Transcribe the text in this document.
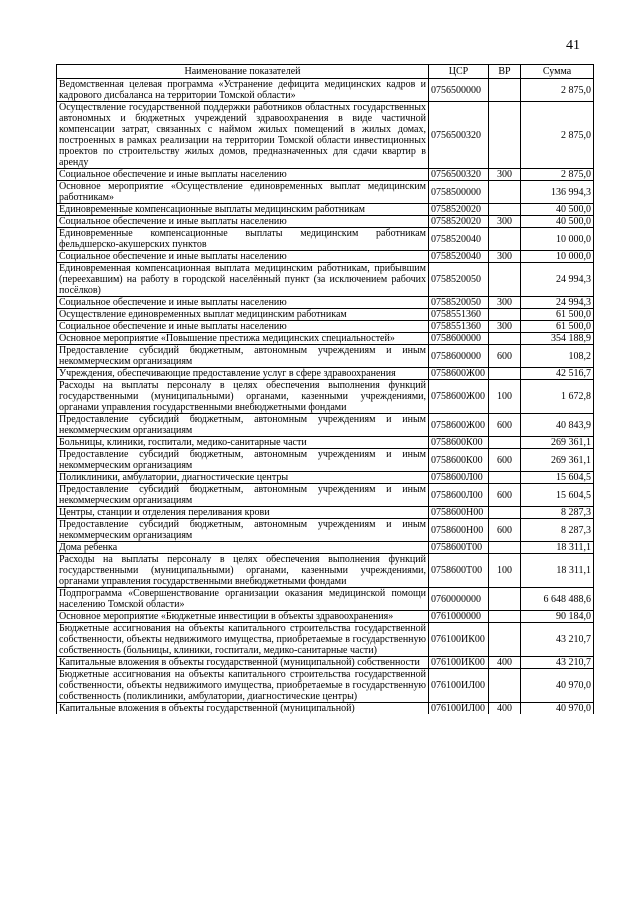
41
Наименование показателей	ЦСР	ВР	Сумма
Ведомственная целевая программа «Устранение дефицита медицинских кадров и кадрового дисбаланса на территории Томской области»	0756500000		2 875,0
Осуществление государственной поддержки работников областных государственных автономных и бюджетных учреждений здравоохранения в виде частичной компенсации затрат, связанных с наймом жилых помещений в жилых домах, построенных в рамках реализации на территории Томской области инвестиционных проектов по строительству жилых домов, предназначенных для сдачи квартир в аренду	0756500320		2 875,0
Социальное обеспечение и иные выплаты населению	0756500320	300	2 875,0
Основное мероприятие «Осуществление единовременных выплат медицинским работникам»	0758500000		136 994,3
Единовременные компенсационные выплаты медицинским работникам	0758520020		40 500,0
Социальное обеспечение и иные выплаты населению	0758520020	300	40 500,0
Единовременные компенсационные выплаты медицинским работникам фельдшерско-акушерских пунктов	0758520040		10 000,0
Социальное обеспечение и иные выплаты населению	0758520040	300	10 000,0
Единовременная компенсационная выплата медицинским работникам, прибывшим (переехавшим) на работу в городской населённый пункт (за исключением рабочих посёлков)	0758520050		24 994,3
Социальное обеспечение и иные выплаты населению	0758520050	300	24 994,3
Осуществление единовременных выплат медицинским работникам	0758551360		61 500,0
Социальное обеспечение и иные выплаты населению	0758551360	300	61 500,0
Основное мероприятие «Повышение престижа медицинских специальностей»	0758600000		354 188,9
Предоставление субсидий бюджетным, автономным учреждениям и иным некоммерческим организациям	0758600000	600	108,2
Учреждения, обеспечивающие предоставление услуг в сфере здравоохранения	0758600Ж00		42 516,7
Расходы на выплаты персоналу в целях обеспечения выполнения функций государственными (муниципальными) органами, казенными учреждениями, органами управления государственными внебюджетными фондами	0758600Ж00	100	1 672,8
Предоставление субсидий бюджетным, автономным учреждениям и иным некоммерческим организациям	0758600Ж00	600	40 843,9
Больницы, клиники, госпитали, медико-санитарные части	0758600К00		269 361,1
Предоставление субсидий бюджетным, автономным учреждениям и иным некоммерческим организациям	0758600К00	600	269 361,1
Поликлиники, амбулатории, диагностические центры	0758600Л00		15 604,5
Предоставление субсидий бюджетным, автономным учреждениям и иным некоммерческим организациям	0758600Л00	600	15 604,5
Центры, станции и отделения переливания крови	0758600Н00		8 287,3
Предоставление субсидий бюджетным, автономным учреждениям и иным некоммерческим организациям	0758600Н00	600	8 287,3
Дома ребенка	0758600Т00		18 311,1
Расходы на выплаты персоналу в целях обеспечения выполнения функций государственными (муниципальными) органами, казенными учреждениями, органами управления государственными внебюджетными фондами	0758600Т00	100	18 311,1
Подпрограмма «Совершенствование организации оказания медицинской помощи населению Томской области»	0760000000		6 648 488,6
Основное мероприятие «Бюджетные инвестиции в объекты здравоохранения»	0761000000		90 184,0
Бюджетные ассигнования на объекты капитального строительства государственной собственности, объекты недвижимого имущества, приобретаемые в государственную собственность (больницы, клиники, госпитали, медико-санитарные части)	076100ИК00		43 210,7
Капитальные вложения в объекты государственной (муниципальной) собственности	076100ИК00	400	43 210,7
Бюджетные ассигнования на объекты капитального строительства государственной собственности, объекты недвижимого имущества, приобретаемые в государственную собственность (поликлиники, амбулатории, диагностические центры)	076100ИЛ00		40 970,0
Капитальные вложения в объекты государственной (муниципальной)	076100ИЛ00	400	40 970,0
